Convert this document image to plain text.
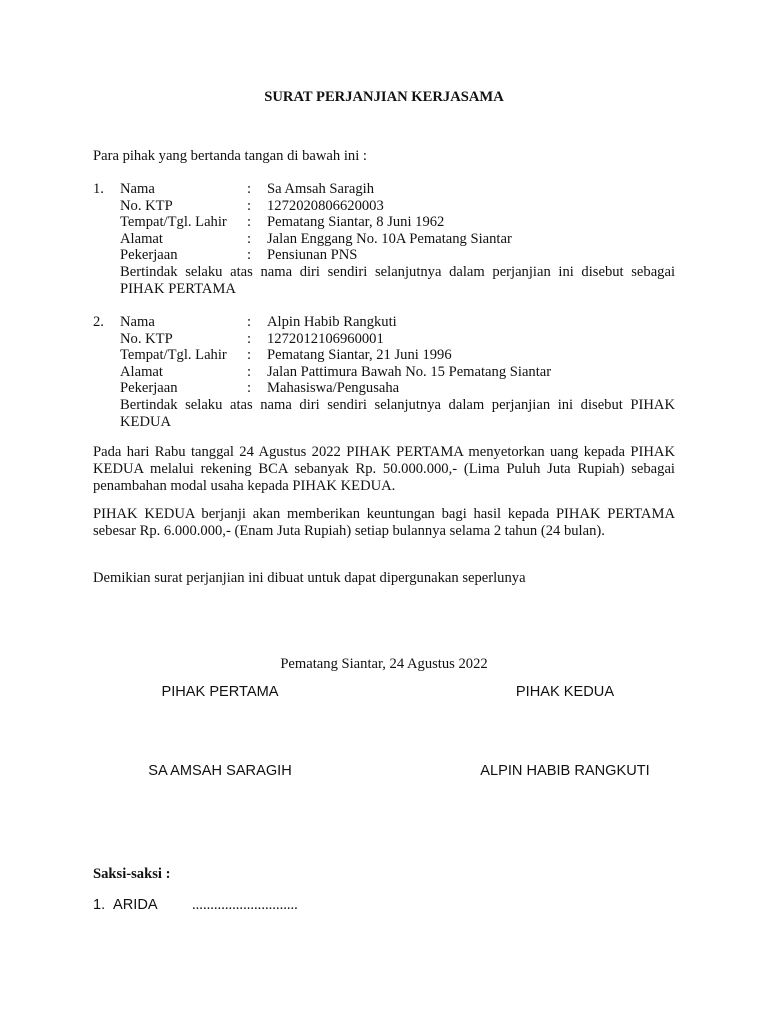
SURAT PERJANJIAN KERJASAMA
Para pihak yang bertanda tangan di bawah ini :
1. Nama	: Sa Amsah Saragih
No. KTP	: 1272020806620003
Tempat/Tgl. Lahir : Pematang Siantar, 8 Juni 1962
Alamat	: Jalan Enggang No. 10A Pematang Siantar
Pekerjaan	: Pensiunan PNS
Bertindak selaku atas nama diri sendiri selanjutnya dalam perjanjian ini disebut sebagai PIHAK PERTAMA
2. Nama	: Alpin Habib Rangkuti
No. KTP	: 1272012106960001
Tempat/Tgl. Lahir : Pematang Siantar, 21 Juni 1996
Alamat	: Jalan Pattimura Bawah No. 15 Pematang Siantar
Pekerjaan	: Mahasiswa/Pengusaha
Bertindak selaku atas nama diri sendiri selanjutnya dalam perjanjian ini disebut PIHAK KEDUA
Pada hari Rabu tanggal 24 Agustus 2022 PIHAK PERTAMA menyetorkan uang kepada PIHAK KEDUA melalui rekening BCA sebanyak Rp. 50.000.000,- (Lima Puluh Juta Rupiah) sebagai penambahan modal usaha kepada PIHAK KEDUA.
PIHAK KEDUA berjanji akan memberikan keuntungan bagi hasil kepada PIHAK PERTAMA sebesar Rp. 6.000.000,- (Enam Juta Rupiah) setiap bulannya selama 2 tahun (24 bulan).
Demikian surat perjanjian ini dibuat untuk dapat dipergunakan seperlunya
Pematang Siantar, 24 Agustus 2022
PIHAK PERTAMA	PIHAK KEDUA
SA AMSAH SARAGIH	ALPIN HABIB RANGKUTI
Saksi-saksi :
1. ARIDA .............................
